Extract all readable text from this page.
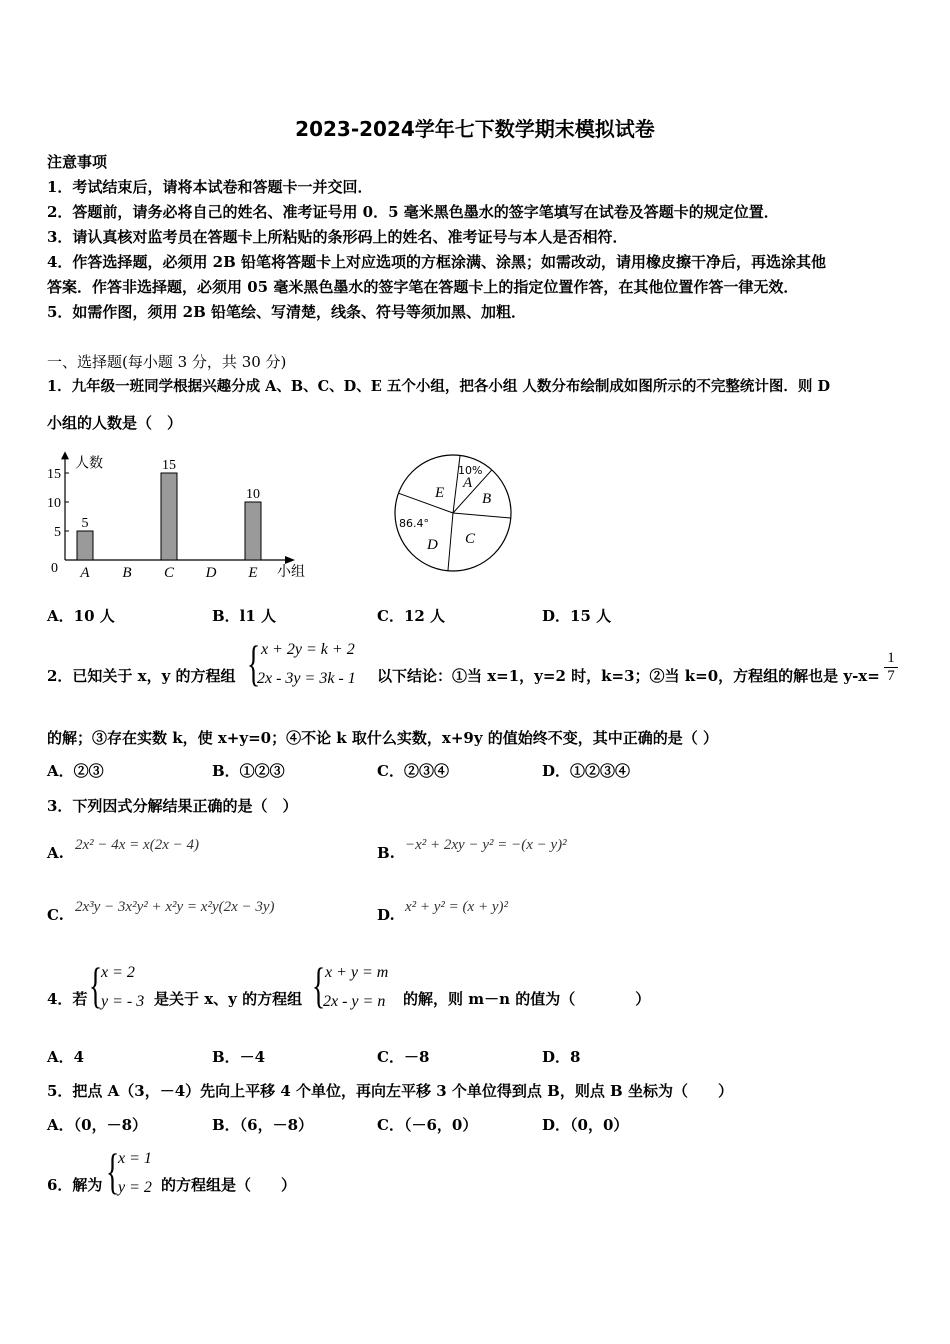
2023-2024学年七下数学期末模拟试卷
注意事项
1．考试结束后，请将本试卷和答题卡一并交回．
2．答题前，请务必将自己的姓名、准考证号用 0．5 毫米黑色墨水的签字笔填写在试卷及答题卡的规定位置．
3．请认真核对监考员在答题卡上所粘贴的条形码上的姓名、准考证号与本人是否相符．
4．作答选择题，必须用 2B 铅笔将答题卡上对应选项的方框涂满、涂黑；如需改动，请用橡皮擦干净后，再选涂其他
答案．作答非选择题，必须用 05 毫米黑色墨水的签字笔在答题卡上的指定位置作答，在其他位置作答一律无效．
5．如需作图，须用 2B 铅笔绘、写清楚，线条、符号等须加黑、加粗．
一、选择题(每小题 3 分，共 30 分)
1．九年级一班同学根据兴趣分成 A、B、C、D、E 五个小组，把各小组 人数分布绘制成如图所示的不完整统计图．则 D
小组的人数是（　）
人数
小组
0
5
10
15
A
5
B C
15
D E
10
A
B
C
D
E
10%
86.4°
A．10 人	B．l1 人	C．12 人	D．15 人
2．已知关于 x，y 的方程组 { x + 2y = k + 2
2x - 3y = 3k - 1 以下结论：①当 x=1，y=2 时，k=3；②当 k=0，方程组的解也是 $y-x= \frac{1}{7}$
的解；③存在实数 k，使 x+y=0；④不论 k 取什么实数，x+9y 的值始终不变，其中正确的是（ ）
A．②③	B．①②③	C．②③④	D．①②③④
3．下列因式分解结果正确的是（　）
A. 2x² − 4x = x(2x − 4)	B. −x² + 2xy − y² = −(x − y)²
C. 2x³y − 3x²y² + x²y = x²y(2x − 3y)	D. x² + y² = (x + y)²
4．若 {
x = 2
y = - 3 是关于 x、y 的方程组 { x + y = m
2x - y = n 的解，则 m－n 的值为（　　　　）
A．4	B．－4	C．－8	D．8
5．把点 A（3，－4）先向上平移 4 个单位，再向左平移 3 个单位得到点 B，则点 B 坐标为（　　）
A．（0，－8）	B．（6，－8）	C．（－6，0）	D．（0，0）
6．解为 {
x = 1
y = 2 的方程组是（　　）
